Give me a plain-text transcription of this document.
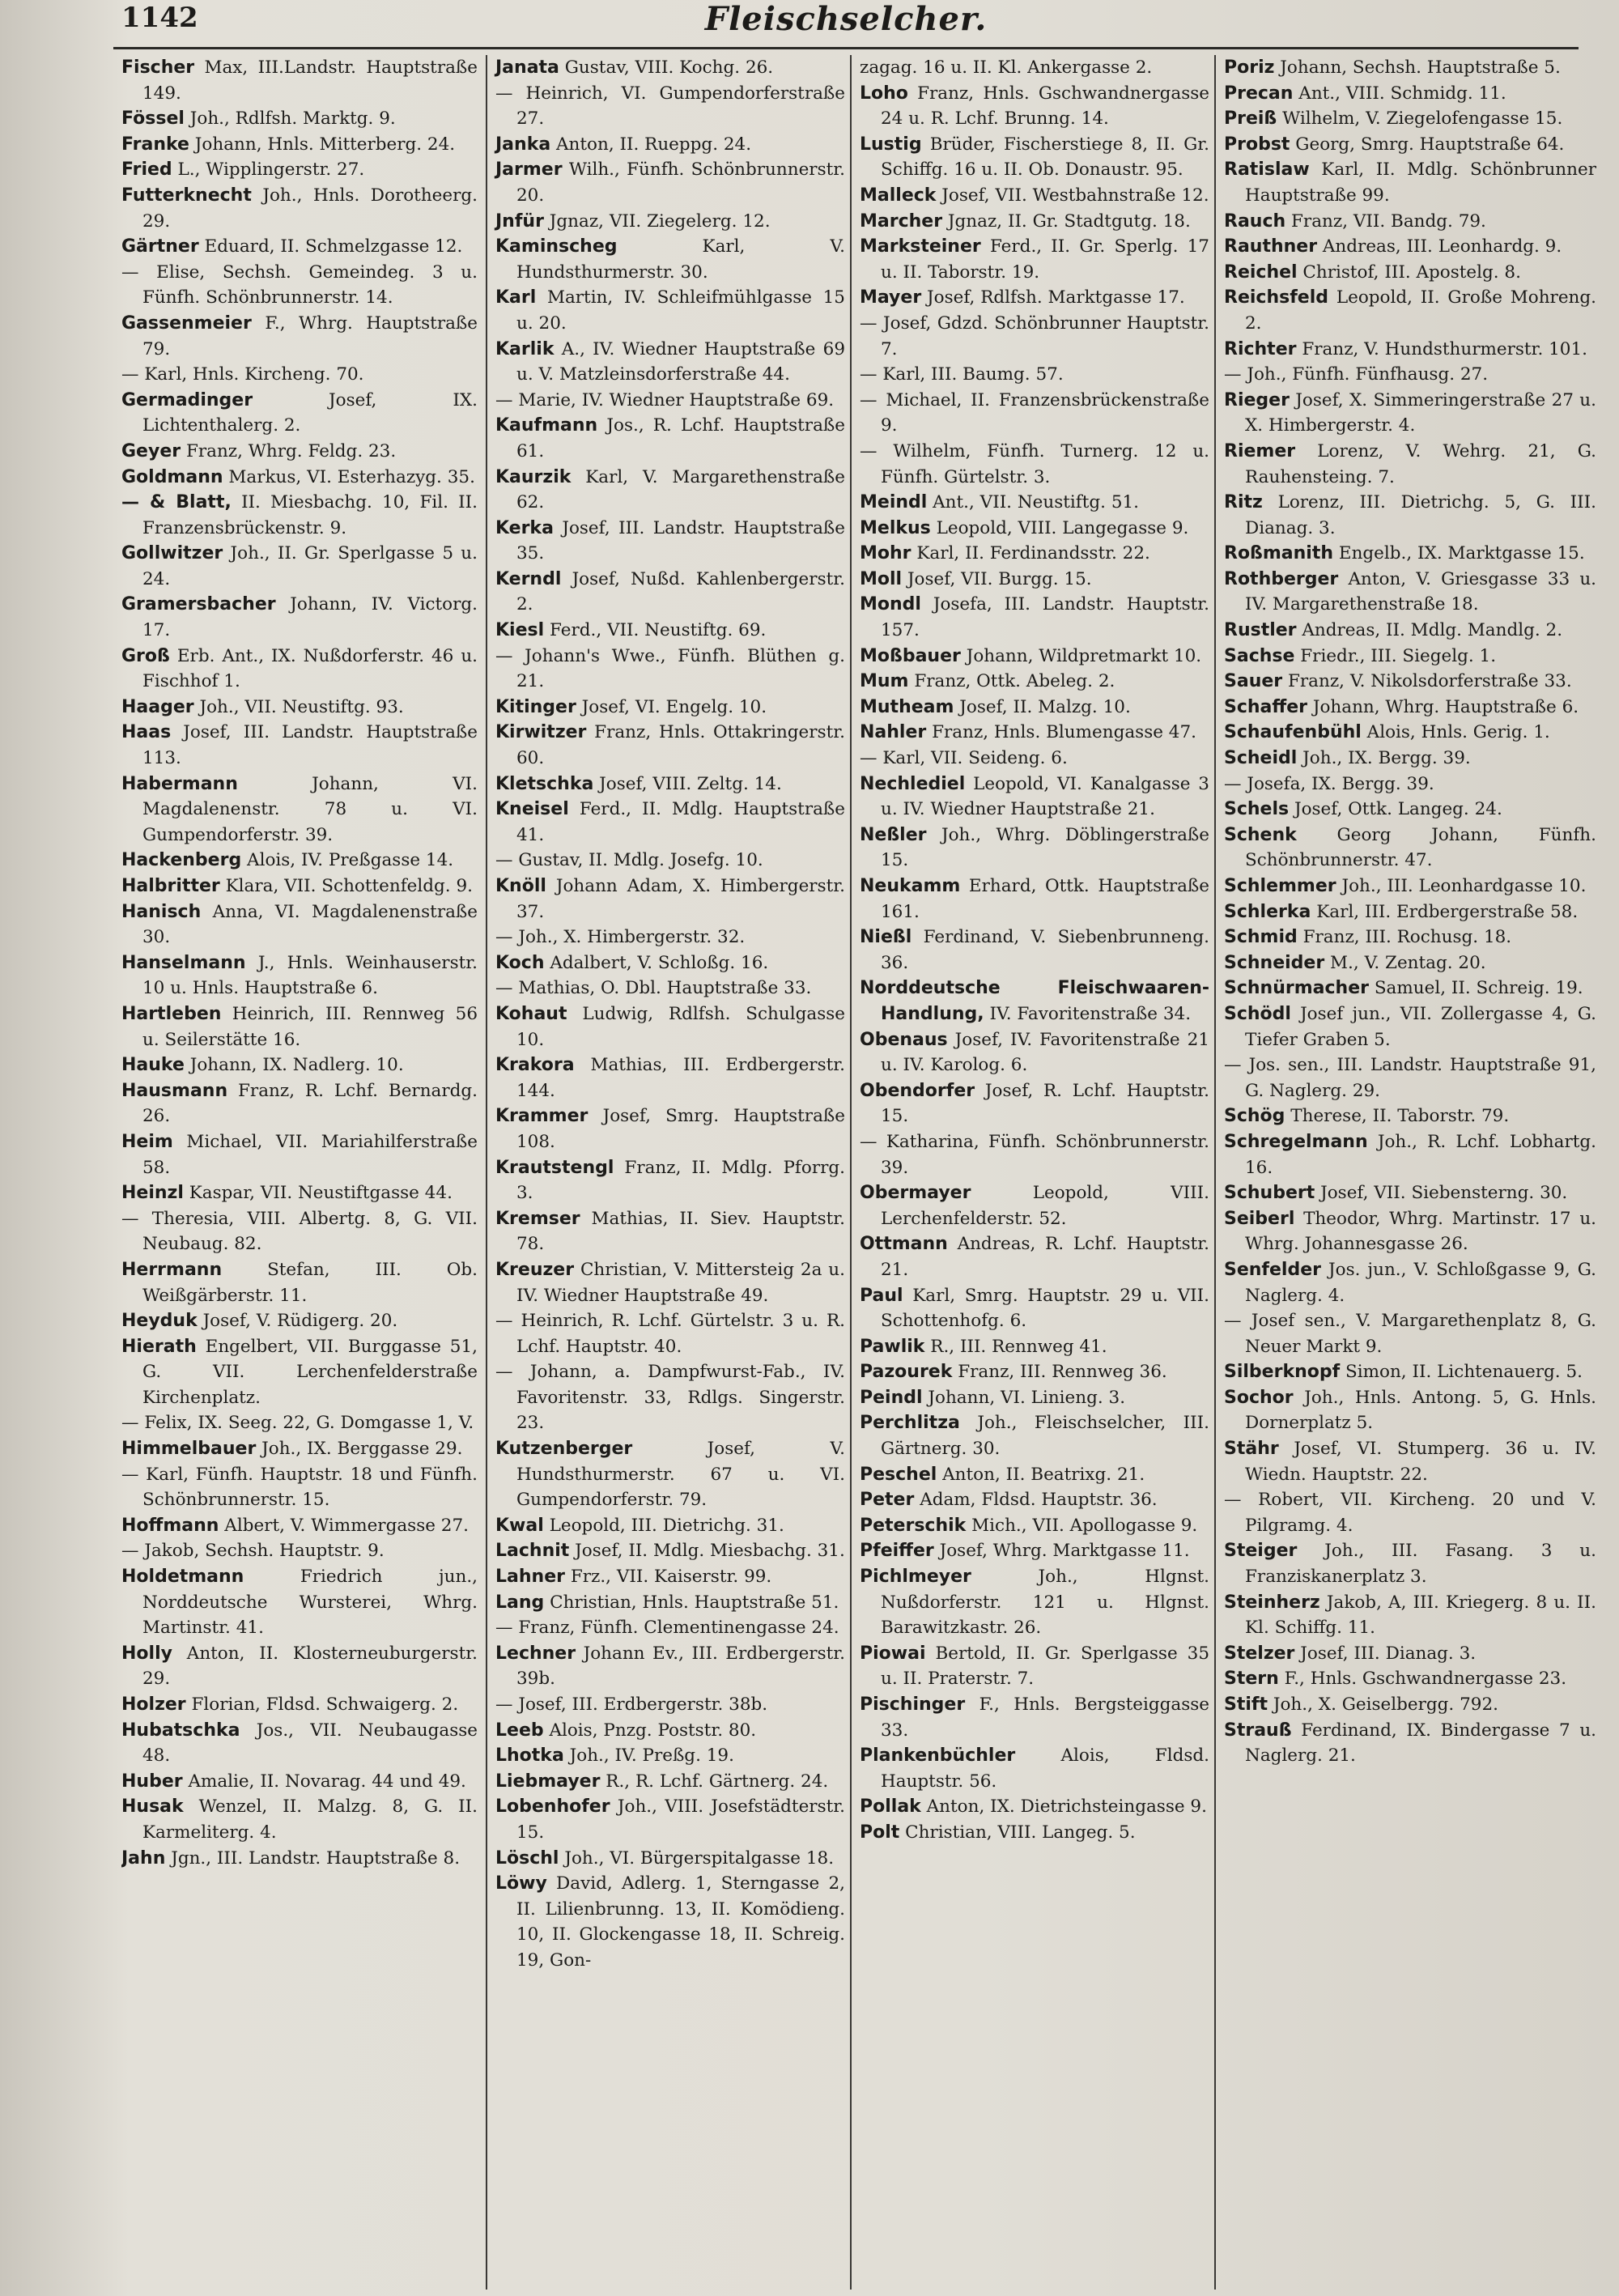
1142	Fleischselcher.

Fischer Max, III.Landstr. Hauptstraße 149.

Fössel Joh., Rdlfsh. Marktg. 9.

Franke Johann, Hnls. Mitterberg. 24.

Fried L., Wipplingerstr. 27.

Futterknecht Joh., Hnls. Dorotheerg. 29.

Gärtner Eduard, II. Schmelzgasse 12.

— Elise, Sechsh. Gemeindeg. 3 u. Fünfh. Schönbrunnerstr. 14.

Gassenmeier F., Whrg. Hauptstraße 79.

— Karl, Hnls. Kircheng. 70.

Germadinger	Josef, IX. Lichtenthalerg. 2.

Geyer Franz, Whrg. Feldg. 23.

Goldmann Markus, VI. Esterhazyg. 35.

— & Blatt, II. Miesbachg. 10, Fil. II. Franzensbrückenstr. 9.

Gollwitzer Joh., II. Gr. Sperlgasse 5 u. 24.

Gramersbacher Johann, IV. Victorg. 17.

Groß Erb. Ant., IX. Nußdorferstr. 46 u. Fischhof 1.

Haager Joh., VII. Neustiftg. 93.

Haas Josef, III. Landstr. Hauptstraße 113.

Habermann	Johann, VI. Magdalenenstr. 78 u. VI. Gumpendorferstr. 39.

Hackenberg Alois, IV. Preßgasse 14.

Halbritter Klara, VII. Schottenfeldg. 9.

Hanisch Anna, VI. Magdalenenstraße 30.

Hanselmann J., Hnls. Weinhauserstr. 10 u. Hnls. Hauptstraße 6.

Hartleben Heinrich, III. Rennweg 56 u. Seilerstätte 16.

Hauke Johann, IX. Nadlerg. 10.

Hausmann Franz, R. Lchf. Bernardg. 26.

Heim Michael, VII. Mariahilferstraße 58.

Heinzl Kaspar, VII. Neustiftgasse 44.

— Theresia, VIII. Albertg. 8, G. VII. Neubaug. 82.

Herrmann	Stefan, III. Ob. Weißgärberstr. 11.

Heyduk Josef, V. Rüdigerg. 20.

Hierath Engelbert, VII. Burggasse 51, G. VII. Lerchenfelderstraße Kirchenplatz.

— Felix, IX. Seeg. 22, G. Domgasse 1, V.

Himmelbauer Joh., IX. Berggasse 29.

— Karl, Fünfh. Hauptstr. 18 und Fünfh. Schönbrunnerstr. 15.

Hoffmann Albert, V. Wimmergasse 27.

— Jakob, Sechsh. Hauptstr. 9.

Holdetmann	Friedrich jun., Norddeutsche Wursterei, Whrg. Martinstr. 41.

Holly Anton, II. Klosterneuburgerstr. 29.

Holzer Florian, Fldsd. Schwaigerg. 2.

Hubatschka Jos., VII. Neubaugasse 48.

Huber Amalie, II. Novarag. 44 und 49.

Husak Wenzel, II. Malzg. 8, G. II. Karmeliterg. 4.

Jahn Jgn., III. Landstr. Hauptstraße 8.

Janata Gustav, VIII. Kochg. 26.

— Heinrich, VI. Gumpendorferstraße 27.

Janka Anton, II. Rueppg. 24.

Jarmer Wilh., Fünfh. Schönbrunnerstr. 20.

Jnfür Jgnaz, VII. Ziegelerg. 12.

Kaminscheg	Karl, V. Hundsthurmerstr. 30.

Karl Martin, IV. Schleifmühlgasse 15 u. 20.

Karlik A., IV. Wiedner Hauptstraße 69 u. V. Matzleinsdorferstraße 44.

— Marie, IV. Wiedner Hauptstraße 69.

Kaufmann Jos., R. Lchf. Hauptstraße 61.

Kaurzik Karl, V. Margarethenstraße 62.

Kerka Josef, III. Landstr. Hauptstraße 35.

Kerndl Josef, Nußd. Kahlenbergerstr. 2.

Kiesl Ferd., VII. Neustiftg. 69.

— Johann's Wwe., Fünfh. Blüthen g. 21.

Kitinger Josef, VI. Engelg. 10.

Kirwitzer Franz, Hnls. Ottakringerstr. 60.

Kletschka Josef, VIII. Zeltg. 14.

Kneisel Ferd., II. Mdlg. Hauptstraße 41.

— Gustav, II. Mdlg. Josefg. 10.

Knöll Johann Adam, X. Himbergerstr. 37.

— Joh., X. Himbergerstr. 32.

Koch Adalbert, V. Schloßg. 16.

— Mathias, O. Dbl. Hauptstraße 33.

Kohaut Ludwig, Rdlfsh. Schulgasse 10.

Krakora Mathias, III. Erdbergerstr. 144.

Krammer Josef, Smrg. Hauptstraße 108.

Krautstengl Franz, II. Mdlg. Pforrg. 3.

Kremser Mathias, II. Siev. Hauptstr. 78.

Kreuzer Christian, V. Mittersteig 2a u. IV. Wiedner Hauptstraße 49.

— Heinrich, R. Lchf. Gürtelstr. 3 u. R. Lchf. Hauptstr. 40.

— Johann, a. Dampfwurst-Fab., IV. Favoritenstr. 33, Rdlgs. Singerstr. 23.

Kutzenberger	Josef, V. Hundsthurmerstr. 67 u. VI. Gumpendorferstr. 79.

Kwal Leopold, III. Dietrichg. 31.

Lachnit Josef, II. Mdlg. Miesbachg. 31.

Lahner Frz., VII. Kaiserstr. 99.

Lang Christian, Hnls. Hauptstraße 51.

— Franz, Fünfh. Clementinengasse 24.

Lechner Johann Ev., III. Erdbergerstr. 39b.

— Josef, III. Erdbergerstr. 38b.

Leeb Alois, Pnzg. Poststr. 80.

Lhotka Joh., IV. Preßg. 19.

Liebmayer R., R. Lchf. Gärtnerg. 24.

Lobenhofer Joh., VIII. Josefstädterstr. 15.

Löschl Joh., VI. Bürgerspitalgasse 18.

Löwy David, Adlerg. 1, Sterngasse 2, II. Lilienbrunng. 13, II. Komödieng. 10, II. Glockengasse 18, II. Schreig. 19, Gon-

zagag. 16 u. II. Kl. Ankergasse 2.

Loho Franz, Hnls. Gschwandnergasse 24 u. R. Lchf. Brunng. 14.

Lustig Brüder, Fischerstiege 8, II. Gr. Schiffg. 16 u. II. Ob. Donaustr. 95.

Malleck Josef, VII. Westbahnstraße 12.

Marcher Jgnaz, II. Gr. Stadtgutg. 18.

Marksteiner Ferd., II. Gr. Sperlg. 17 u. II. Taborstr. 19.

Mayer Josef, Rdlfsh. Marktgasse 17.

— Josef, Gdzd. Schönbrunner Hauptstr. 7.

— Karl, III. Baumg. 57.

— Michael, II. Franzensbrückenstraße 9.

— Wilhelm, Fünfh. Turnerg. 12 u. Fünfh. Gürtelstr. 3.

Meindl Ant., VII. Neustiftg. 51.

Melkus Leopold, VIII. Langegasse 9.

Mohr Karl, II. Ferdinandsstr. 22.

Moll Josef, VII. Burgg. 15.

Mondl Josefa, III. Landstr. Hauptstr. 157.

Moßbauer Johann, Wildpretmarkt 10.

Mum Franz, Ottk. Abeleg. 2.

Mutheam Josef, II. Malzg. 10.

Nahler Franz, Hnls. Blumengasse 47.

— Karl, VII. Seideng. 6.

Nechlediel Leopold, VI. Kanalgasse 3 u. IV. Wiedner Hauptstraße 21.

Neßler Joh., Whrg. Döblingerstraße 15.

Neukamm Erhard, Ottk. Hauptstraße 161.

Nießl Ferdinand, V. Siebenbrunneng. 36.

Norddeutsche Fleischwaaren-Handlung, IV. Favoritenstraße 34.

Obenaus Josef, IV. Favoritenstraße 21 u. IV. Karolog. 6.

Obendorfer Josef, R. Lchf. Hauptstr. 15.

— Katharina, Fünfh. Schönbrunnerstr. 39.

Obermayer	Leopold, VIII. Lerchenfelderstr. 52.

Ottmann Andreas, R. Lchf. Hauptstr. 21.

Paul Karl, Smrg. Hauptstr. 29 u. VII. Schottenhofg. 6.

Pawlik R., III. Rennweg 41.

Pazourek Franz, III. Rennweg 36.

Peindl Johann, VI. Linieng. 3.

Perchlitza Joh., Fleischselcher, III. Gärtnerg. 30.

Peschel Anton, II. Beatrixg. 21.

Peter Adam, Fldsd. Hauptstr. 36.

Peterschik Mich., VII. Apollogasse 9.

Pfeiffer Josef, Whrg. Marktgasse 11.

Pichlmeyer	Joh., Hlgnst. Nußdorferstr. 121 u. Hlgnst. Barawitzkastr. 26.

Piowai Bertold, II. Gr. Sperlgasse 35 u. II. Praterstr. 7.

Pischinger F., Hnls. Bergsteiggasse 33.

Plankenbüchler	Alois, Fldsd. Hauptstr. 56.

Pollak Anton, IX. Dietrichsteingasse 9.

Polt Christian, VIII. Langeg. 5.

Poriz Johann, Sechsh. Hauptstraße 5.

Precan Ant., VIII. Schmidg. 11.

Preiß Wilhelm, V. Ziegelofengasse 15.

Probst Georg, Smrg. Hauptstraße 64.

Ratislaw Karl, II. Mdlg. Schönbrunner Hauptstraße 99.

Rauch Franz, VII. Bandg. 79.

Rauthner Andreas, III. Leonhardg. 9.

Reichel Christof, III. Apostelg. 8.

Reichsfeld Leopold, II. Große Mohreng. 2.

Richter Franz, V. Hundsthurmerstr. 101.

— Joh., Fünfh. Fünfhausg. 27.

Rieger Josef, X. Simmeringerstraße 27 u. X. Himbergerstr. 4.

Riemer Lorenz, V. Wehrg. 21, G. Rauhensteing. 7.

Ritz Lorenz, III. Dietrichg. 5, G. III. Dianag. 3.

Roßmanith Engelb., IX. Marktgasse 15.

Rothberger Anton, V. Griesgasse 33 u. IV. Margarethenstraße 18.

Rustler Andreas, II. Mdlg. Mandlg. 2.

Sachse Friedr., III. Siegelg. 1.

Sauer Franz, V. Nikolsdorferstraße 33.

Schaffer Johann, Whrg. Hauptstraße 6.

Schaufenbühl Alois, Hnls. Gerig. 1.

Scheidl Joh., IX. Bergg. 39.

— Josefa, IX. Bergg. 39.

Schels Josef, Ottk. Langeg. 24.

Schenk Georg Johann, Fünfh. Schönbrunnerstr. 47.

Schlemmer Joh., III. Leonhardgasse 10.

Schlerka Karl, III. Erdbergerstraße 58.

Schmid Franz, III. Rochusg. 18.

Schneider M., V. Zentag. 20.

Schnürmacher Samuel, II. Schreig. 19.

Schödl Josef jun., VII. Zollergasse 4, G. Tiefer Graben 5.

— Jos. sen., III. Landstr. Hauptstraße 91, G. Naglerg. 29.

Schög Therese, II. Taborstr. 79.

Schregelmann Joh., R. Lchf. Lobhartg. 16.

Schubert Josef, VII. Siebensterng. 30.

Seiberl Theodor, Whrg. Martinstr. 17 u. Whrg. Johannesgasse 26.

Senfelder Jos. jun., V. Schloßgasse 9, G. Naglerg. 4.

— Josef sen., V. Margarethenplatz 8, G. Neuer Markt 9.

Silberknopf Simon, II. Lichtenauerg. 5.

Sochor Joh., Hnls. Antong. 5, G. Hnls. Dornerplatz 5.

Stähr Josef, VI. Stumperg. 36 u. IV. Wiedn. Hauptstr. 22.

— Robert, VII. Kircheng. 20 und V. Pilgramg. 4.

Steiger Joh., III. Fasang. 3 u. Franziskanerplatz 3.

Steinherz Jakob, A, III. Kriegerg. 8 u. II. Kl. Schiffg. 11.

Stelzer Josef, III. Dianag. 3.

Stern F., Hnls. Gschwandnergasse 23.

Stift Joh., X. Geiselbergg. 792.

Strauß Ferdinand, IX. Bindergasse 7 u. Naglerg. 21.
